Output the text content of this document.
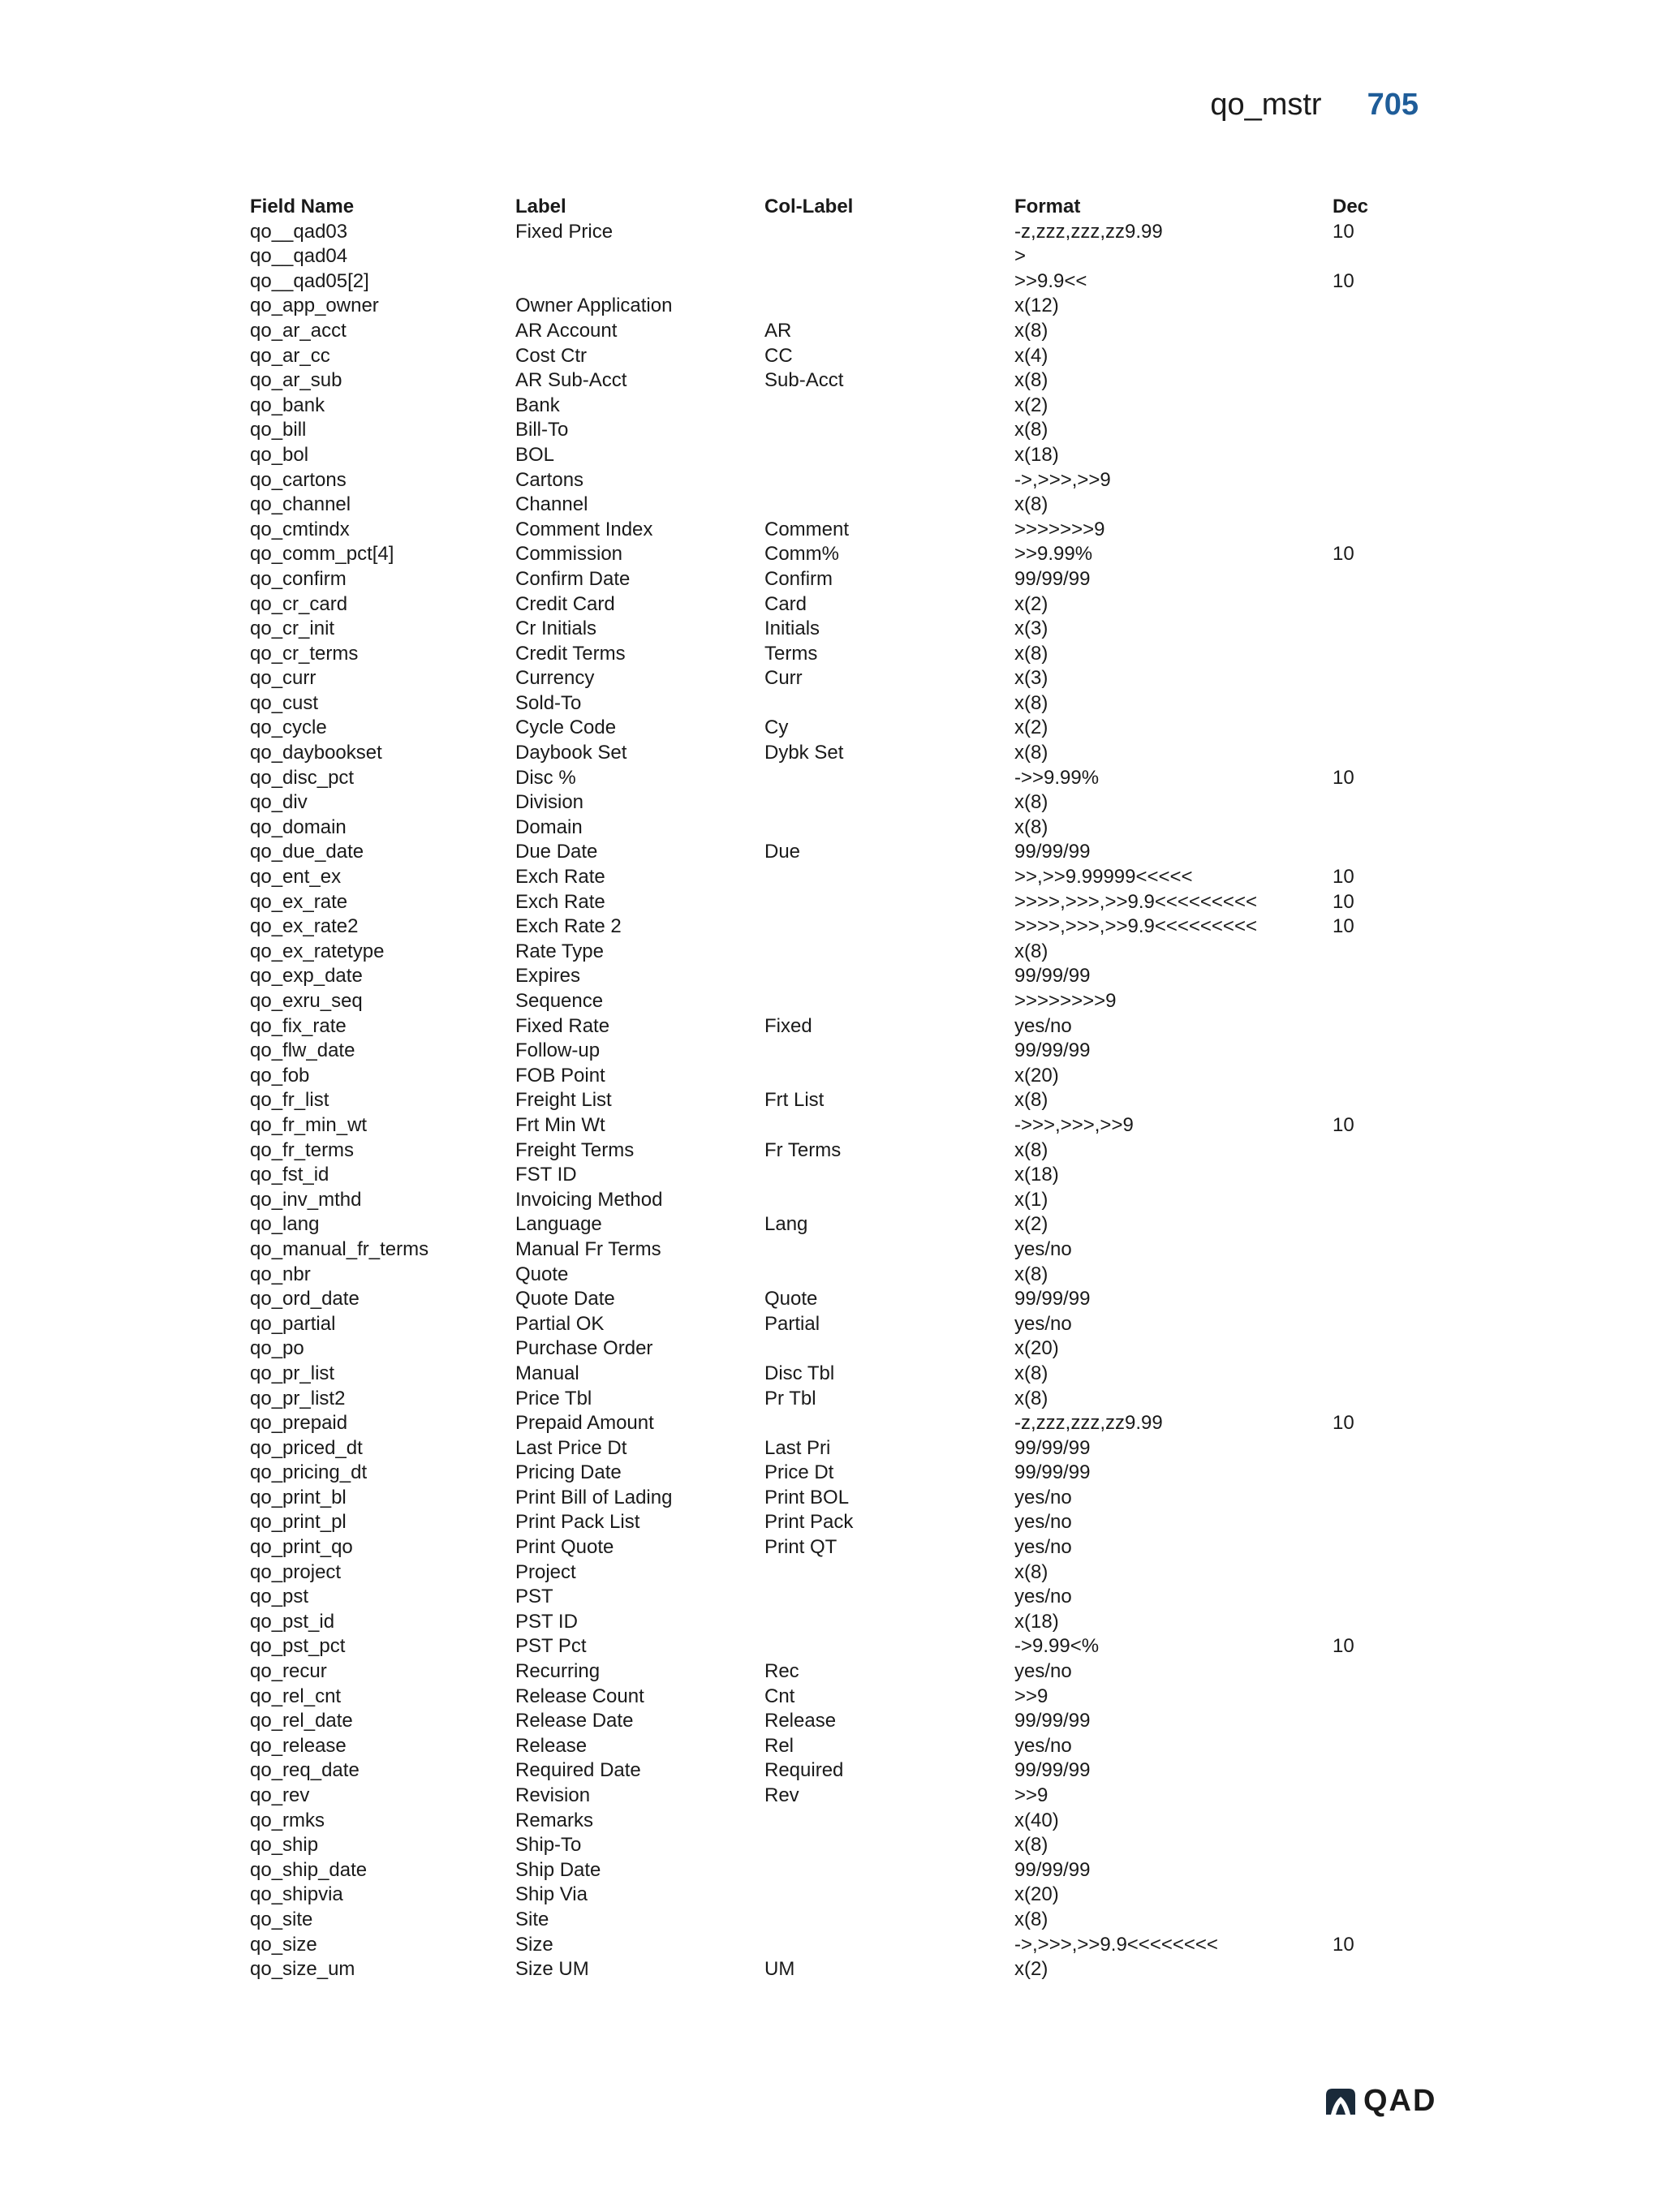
qo_mstr 705
Field Name	Label	Col-Label	Format	Dec
qo__qad03	Fixed Price		-z,zzz,zzz,zz9.99	10
qo__qad04			>	
qo__qad05[2]			>>9.9<<	10
qo_app_owner	Owner Application		x(12)	
qo_ar_acct	AR Account	AR	x(8)	
qo_ar_cc	Cost Ctr	CC	x(4)	
qo_ar_sub	AR Sub-Acct	Sub-Acct	x(8)	
qo_bank	Bank		x(2)	
qo_bill	Bill-To		x(8)	
qo_bol	BOL		x(18)	
qo_cartons	Cartons		->,>>>,>>9	
qo_channel	Channel		x(8)	
qo_cmtindx	Comment Index	Comment	>>>>>>>9	
qo_comm_pct[4]	Commission	Comm%	>>9.99%	10
qo_confirm	Confirm Date	Confirm	99/99/99	
qo_cr_card	Credit Card	Card	x(2)	
qo_cr_init	Cr Initials	Initials	x(3)	
qo_cr_terms	Credit Terms	Terms	x(8)	
qo_curr	Currency	Curr	x(3)	
qo_cust	Sold-To		x(8)	
qo_cycle	Cycle Code	Cy	x(2)	
qo_daybookset	Daybook Set	Dybk Set	x(8)	
qo_disc_pct	Disc %		->>9.99%	10
qo_div	Division		x(8)	
qo_domain	Domain		x(8)	
qo_due_date	Due Date	Due	99/99/99	
qo_ent_ex	Exch Rate		>>,>>9.99999<<<<<	10
qo_ex_rate	Exch Rate		>>>>,>>>,>>9.9<<<<<<<<<	10
qo_ex_rate2	Exch Rate 2		>>>>,>>>,>>9.9<<<<<<<<<	10
qo_ex_ratetype	Rate Type		x(8)	
qo_exp_date	Expires		99/99/99	
qo_exru_seq	Sequence		>>>>>>>>9	
qo_fix_rate	Fixed Rate	Fixed	yes/no	
qo_flw_date	Follow-up		99/99/99	
qo_fob	FOB Point		x(20)	
qo_fr_list	Freight List	Frt List	x(8)	
qo_fr_min_wt	Frt Min Wt		->>>,>>>,>>9	10
qo_fr_terms	Freight Terms	Fr Terms	x(8)	
qo_fst_id	FST ID		x(18)	
qo_inv_mthd	Invoicing Method		x(1)	
qo_lang	Language	Lang	x(2)	
qo_manual_fr_terms	Manual Fr Terms		yes/no	
qo_nbr	Quote		x(8)	
qo_ord_date	Quote Date	Quote	99/99/99	
qo_partial	Partial OK	Partial	yes/no	
qo_po	Purchase Order		x(20)	
qo_pr_list	Manual	Disc Tbl	x(8)	
qo_pr_list2	Price Tbl	Pr Tbl	x(8)	
qo_prepaid	Prepaid Amount		-z,zzz,zzz,zz9.99	10
qo_priced_dt	Last Price Dt	Last Pri	99/99/99	
qo_pricing_dt	Pricing Date	Price Dt	99/99/99	
qo_print_bl	Print Bill of Lading	Print BOL	yes/no	
qo_print_pl	Print Pack List	Print Pack	yes/no	
qo_print_qo	Print Quote	Print QT	yes/no	
qo_project	Project		x(8)	
qo_pst	PST		yes/no	
qo_pst_id	PST ID		x(18)	
qo_pst_pct	PST Pct		->9.99<%	10
qo_recur	Recurring	Rec	yes/no	
qo_rel_cnt	Release Count	Cnt	>>9	
qo_rel_date	Release Date	Release	99/99/99	
qo_release	Release	Rel	yes/no	
qo_req_date	Required Date	Required	99/99/99	
qo_rev	Revision	Rev	>>9	
qo_rmks	Remarks		x(40)	
qo_ship	Ship-To		x(8)	
qo_ship_date	Ship Date		99/99/99	
qo_shipvia	Ship Via		x(20)	
qo_site	Site		x(8)	
qo_size	Size		->,>>>,>>9.9<<<<<<<<	10
qo_size_um	Size UM	UM	x(2)	
QAD
